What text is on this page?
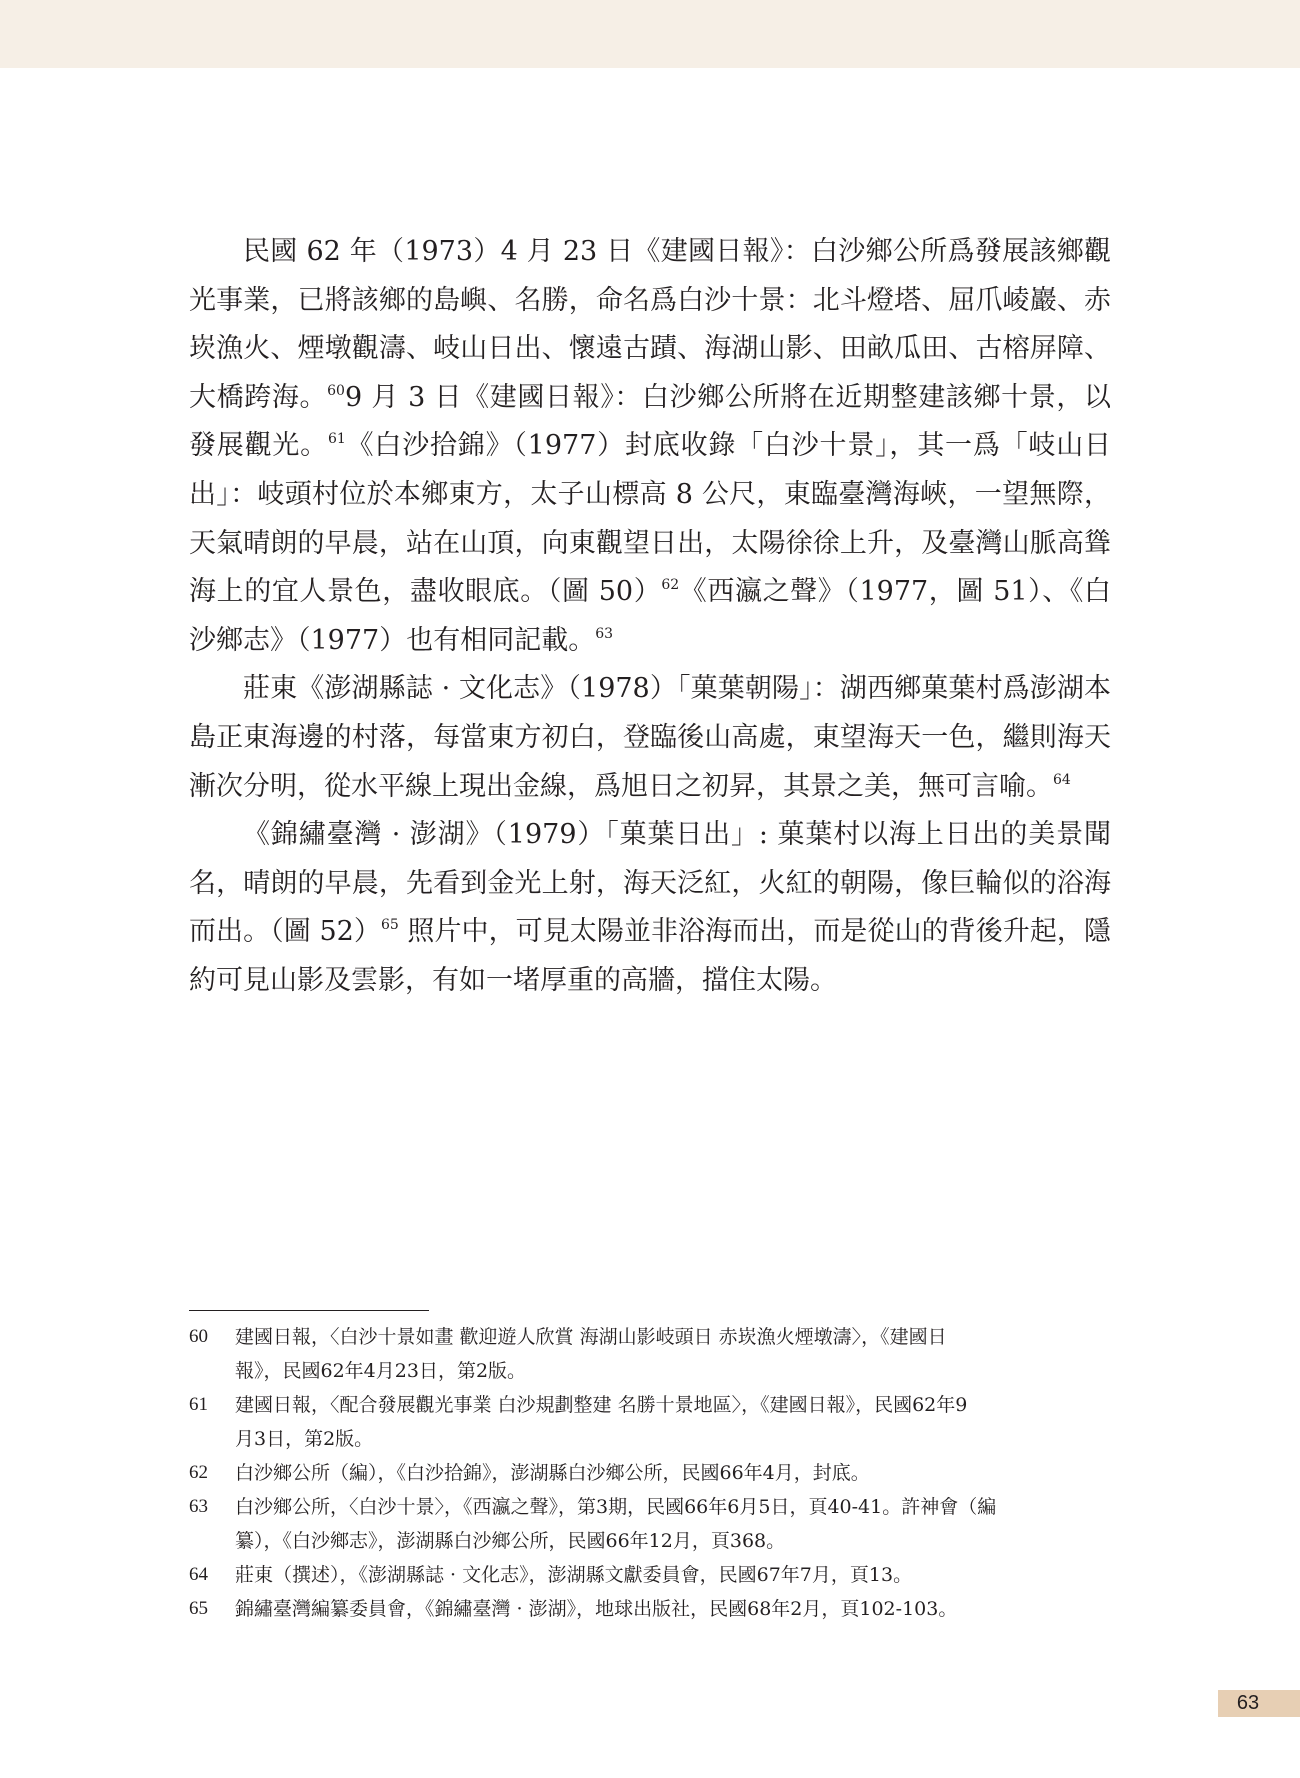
民國 62 年（1973）4 月 23 日《建國日報》：白沙鄉公所爲發展該鄉觀光事業，已將該鄉的島嶼、名勝，命名爲白沙十景：北斗燈塔、屈爪崚巖、赤崁漁火、煙墩觀濤、岐山日出、懷遠古蹟、海湖山影、田畝瓜田、古榕屏障、大橋跨海。$^{60}$9 月 3 日《建國日報》：白沙鄉公所將在近期整建該鄉十景，以發展觀光。$^{61}$《白沙拾錦》（1977）封底收錄「白沙十景」，其一爲「岐山日出」：岐頭村位於本鄉東方，太子山標高 8 公尺，東臨臺灣海峽，一望無際，天氣晴朗的早晨，站在山頂，向東觀望日出，太陽徐徐上升，及臺灣山脈高聳海上的宜人景色，盡收眼底。（圖 50）$^{62}$《西瀛之聲》（1977，圖 51）、《白沙鄉志》（1977）也有相同記載。$^{63}$

莊東《澎湖縣誌 · 文化志》（1978）「菓葉朝陽」：湖西鄉菓葉村爲澎湖本島正東海邊的村落，每當東方初白，登臨後山高處，東望海天一色，繼則海天漸次分明，從水平線上現出金線，爲旭日之初昇，其景之美，無可言喻。$^{64}$

《錦繡臺灣 · 澎湖》（1979）「菓葉日出」: 菓葉村以海上日出的美景聞名，晴朗的早晨，先看到金光上射，海天泛紅，火紅的朝陽，像巨輪似的浴海而出。（圖 52）$^{65}$ 照片中，可見太陽並非浴海而出，而是從山的背後升起，隱約可見山影及雲影，有如一堵厚重的高牆，擋住太陽。

60	建國日報，〈白沙十景如畫 歡迎遊人欣賞 海湖山影岐頭日 赤崁漁火煙墩濤〉，《建國日
報》，民國62年4月23日，第2版。
61	建國日報，〈配合發展觀光事業 白沙規劃整建 名勝十景地區〉，《建國日報》，民國62年9
月3日，第2版。
62	白沙鄉公所（編），《白沙拾錦》，澎湖縣白沙鄉公所，民國66年4月，封底。
63	白沙鄉公所，〈白沙十景〉，《西瀛之聲》，第3期，民國66年6月5日，頁40-41。許神會（編
纂），《白沙鄉志》，澎湖縣白沙鄉公所，民國66年12月，頁368。
64	莊東（撰述），《澎湖縣誌 · 文化志》，澎湖縣文獻委員會，民國67年7月，頁13。
65	錦繡臺灣編纂委員會，《錦繡臺灣 · 澎湖》，地球出版社，民國68年2月，頁102-103。
63
